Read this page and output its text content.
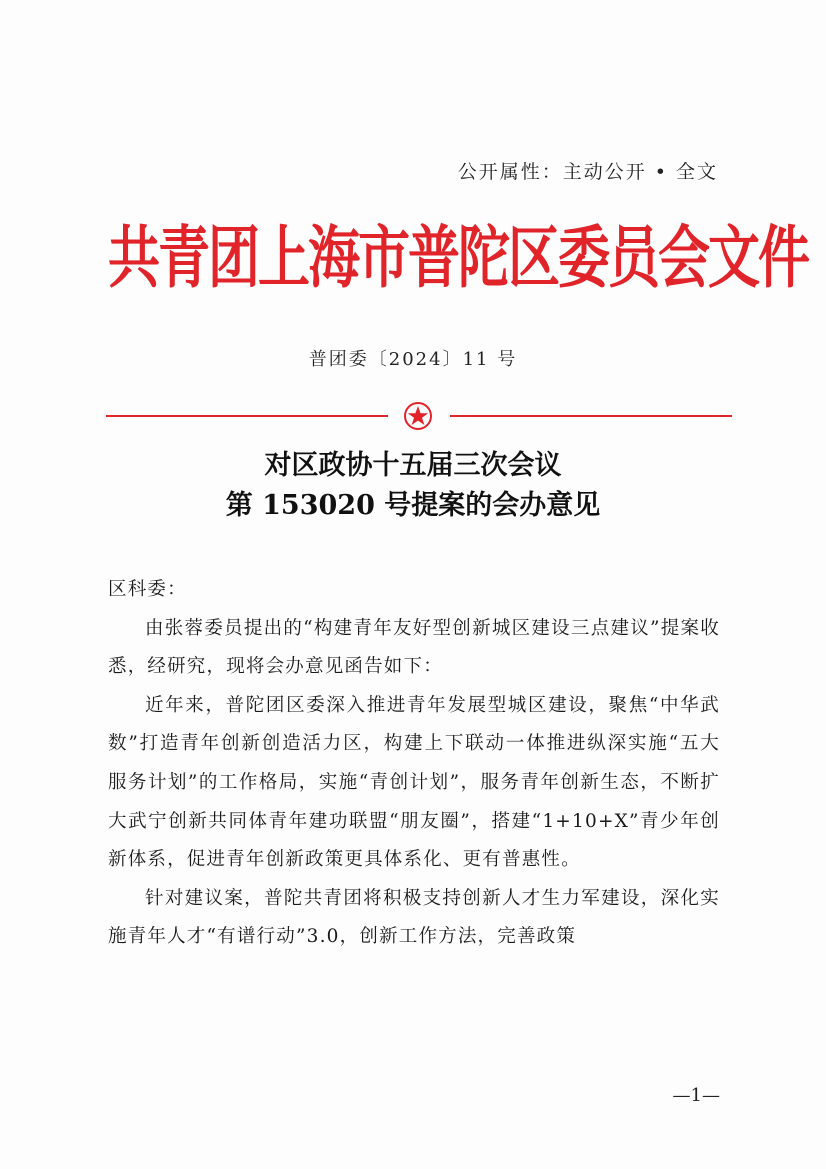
公开属性：主动公开 • 全文
共青团上海市普陀区委员会文件
普团委〔2024〕11 号
对区政协十五届三次会议
第 153020 号提案的会办意见

区科委：

由张蓉委员提出的“构建青年友好型创新城区建设三点建议”提案收悉，经研究，现将会办意见函告如下：

近年来，普陀团区委深入推进青年发展型城区建设，聚焦“中华武数”打造青年创新创造活力区，构建上下联动一体推进纵深实施“五大服务计划”的工作格局，实施“青创计划”，服务青年创新生态，不断扩大武宁创新共同体青年建功联盟“朋友圈”，搭建“1+10+X”青少年创新体系，促进青年创新政策更具体系化、更有普惠性。

针对建议案，普陀共青团将积极支持创新人才生力军建设，深化实施青年人才“有谱行动”3.0，创新工作方法，完善政策

—1—
